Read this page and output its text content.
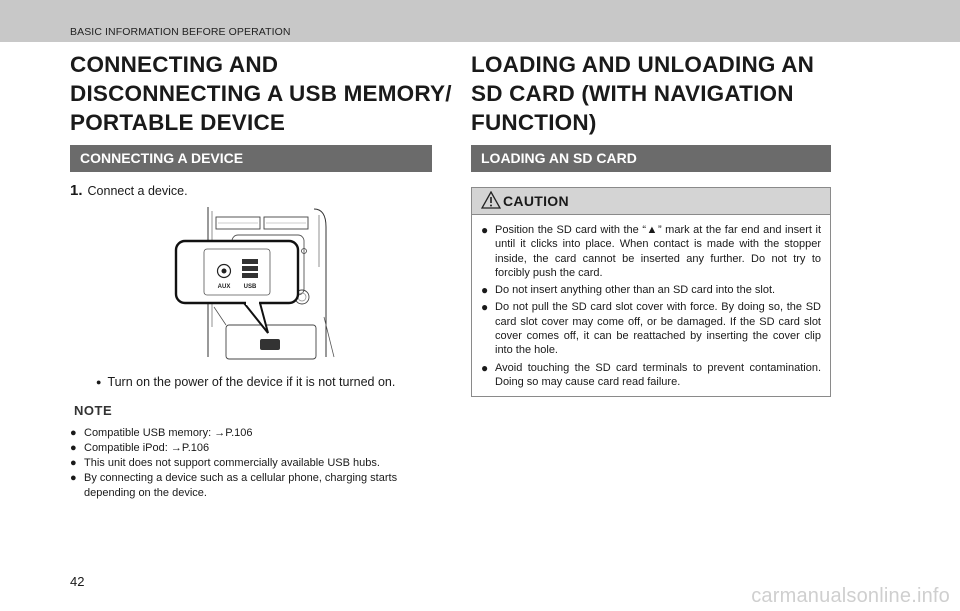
BASIC INFORMATION BEFORE OPERATION
CONNECTING AND
DISCONNECTING A USB MEMORY/
PORTABLE DEVICE
CONNECTING A DEVICE
1. Connect a device.
AUX USB
● Turn on the power of the device if it is not turned on.
NOTE
● Compatible USB memory: →P.106
● Compatible iPod: →P.106
● This unit does not support commercially available USB hubs.
● By connecting a device such as a cellular phone, charging starts depending on the device.
LOADING AND UNLOADING AN
SD CARD (WITH NAVIGATION
FUNCTION)
LOADING AN SD CARD
CAUTION
● Position the SD card with the “▲” mark at the far end and insert it until it clicks into place. When contact is made with the stopper inside, the card cannot be inserted any further. Do not try to forcibly push the card.
● Do not insert anything other than an SD card into the slot.
● Do not pull the SD card slot cover with force. By doing so, the SD card slot cover may come off, or be damaged. If the SD card slot cover comes off, it can be reattached by inserting the cover clip into the hole.
● Avoid touching the SD card terminals to prevent contamination. Doing so may cause card read failure.
42
carmanualsonline.info
